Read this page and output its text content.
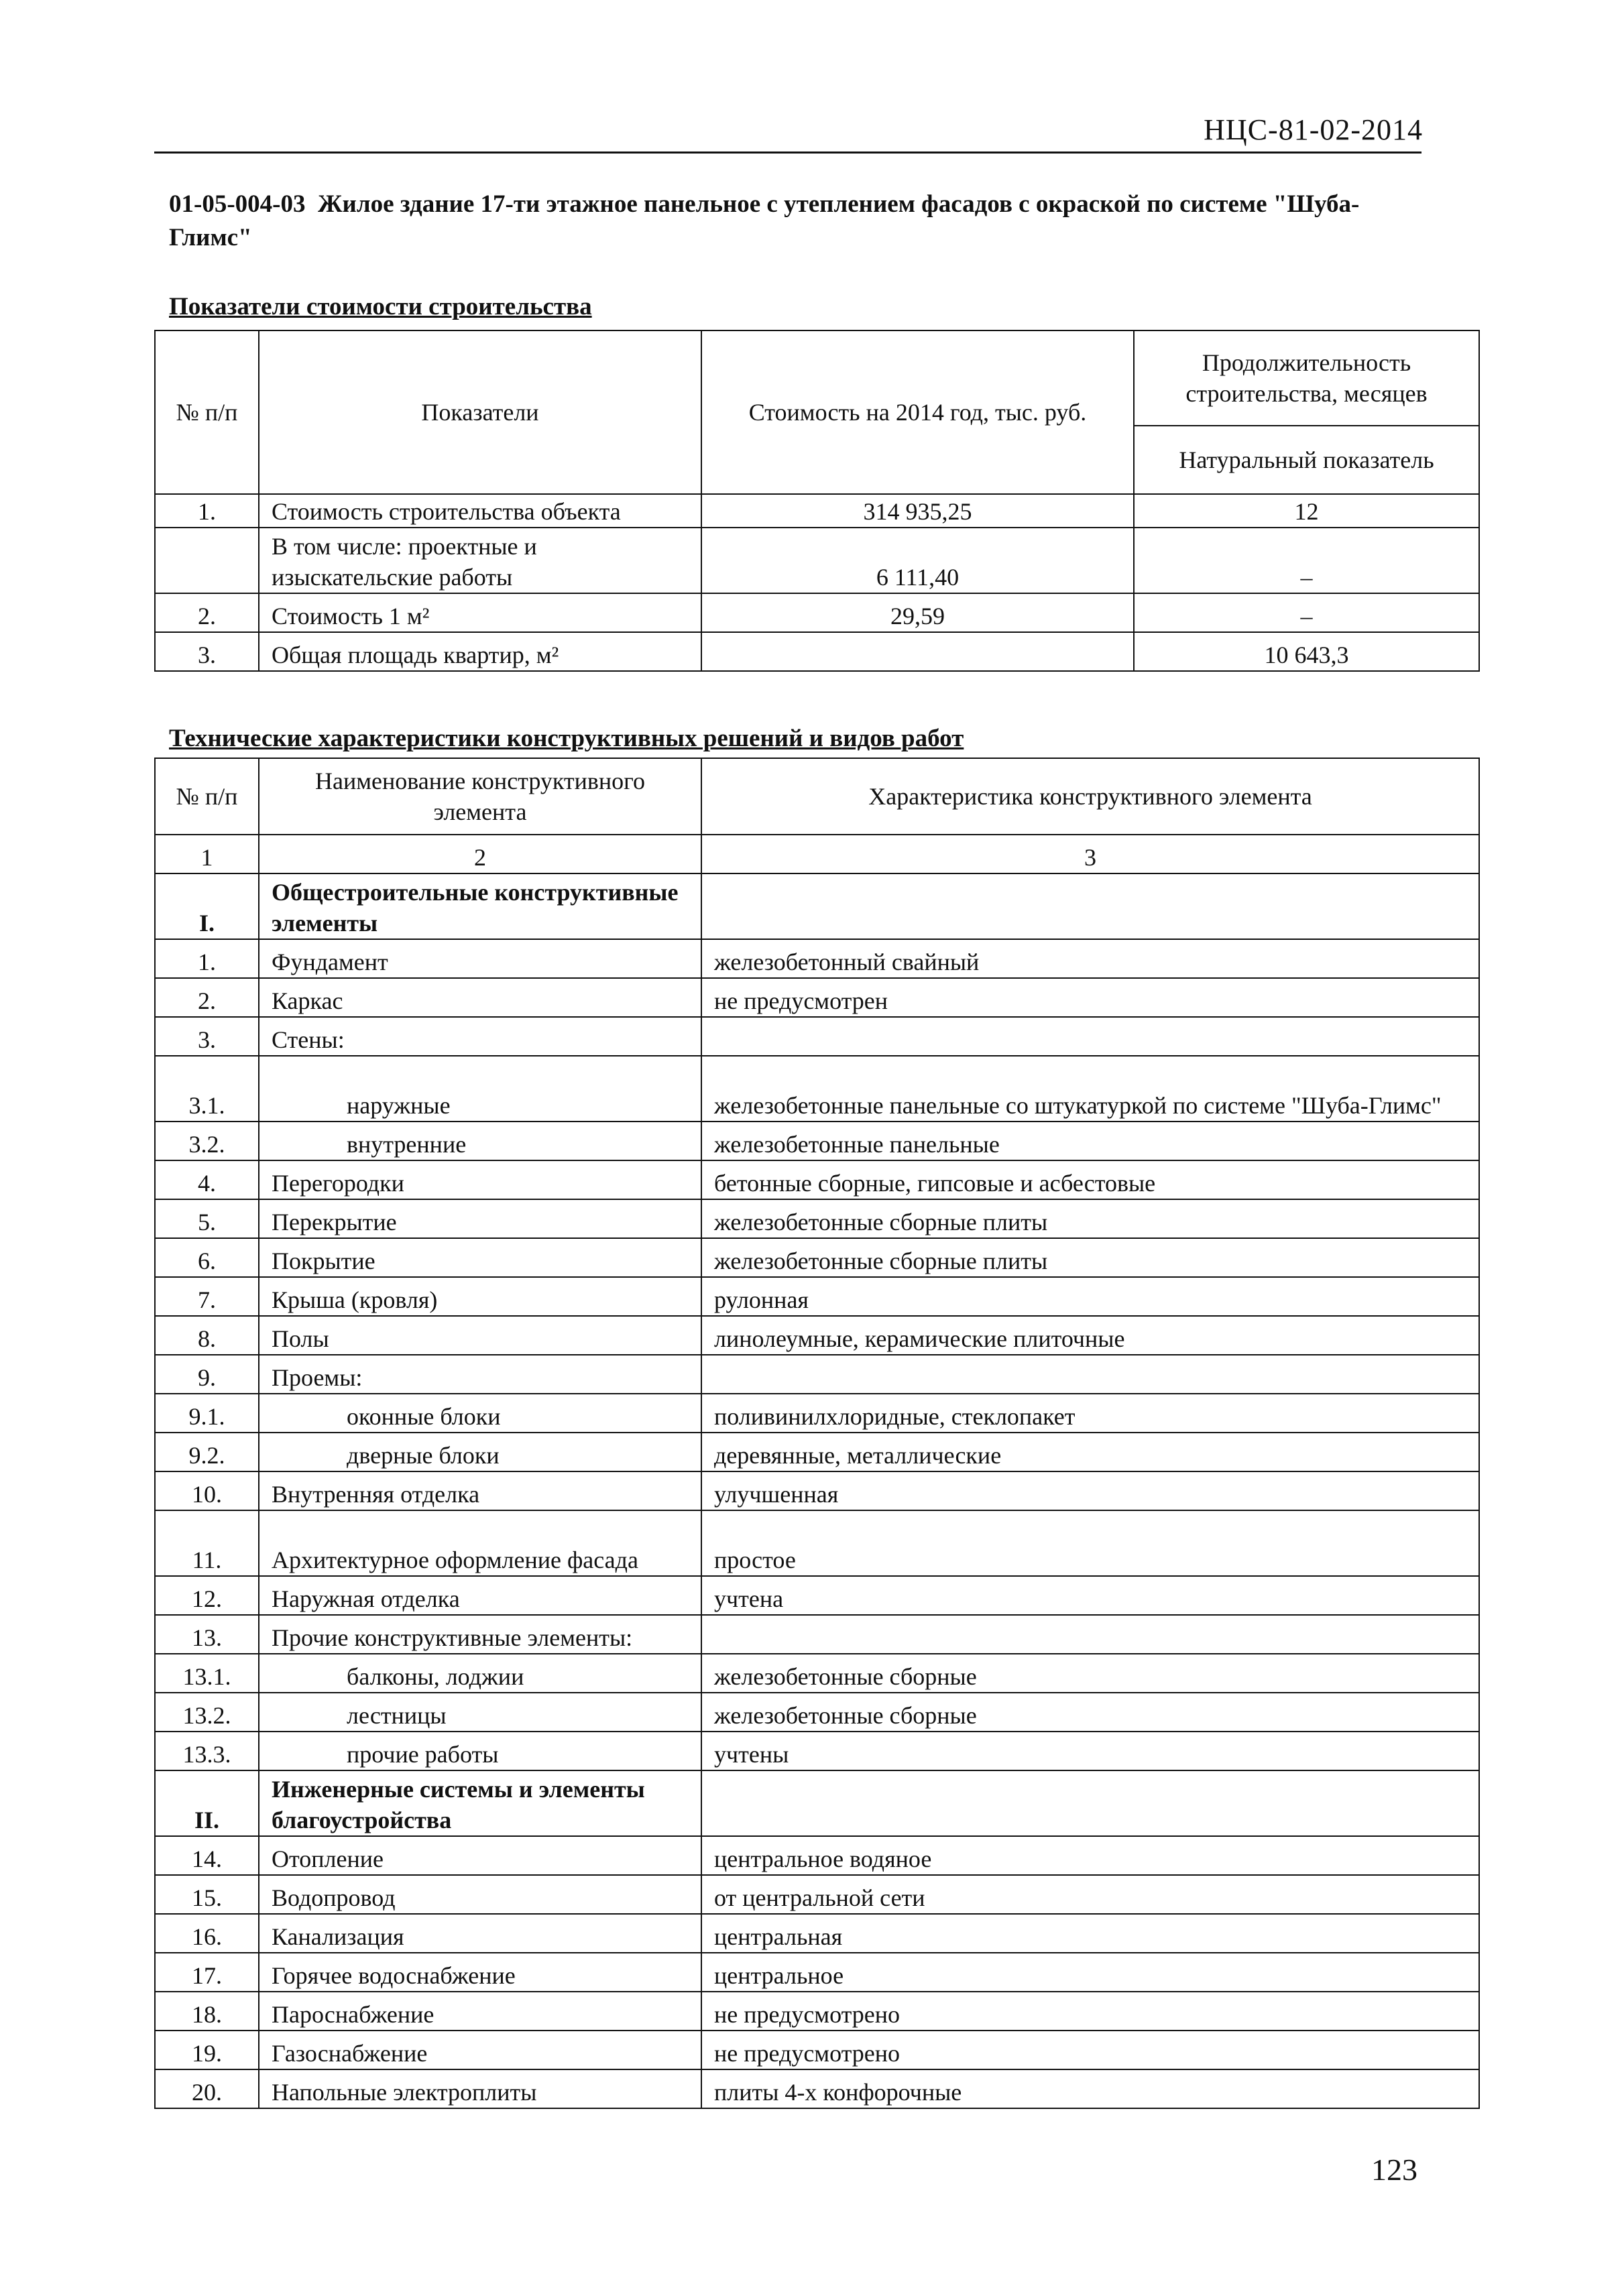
НЦС-81-02-2014
01-05-004-03 Жилое здание 17-ти этажное панельное с утеплением фасадов с окраской по системе "Шуба-Глимс"
Показатели стоимости строительства
№ п/п	Показатели	Стоимость на 2014 год, тыс. руб.	Продолжительность строительства, месяцев
			Натуральный показатель
1.	Стоимость строительства объекта	314 935,25	12
	В том числе: проектные и изыскательские работы	6 111,40	–
2.	Стоимость 1 м²	29,59	–
3.	Общая площадь квартир, м²		10 643,3
Технические характеристики конструктивных решений и видов работ
№ п/п	Наименование конструктивного элемента	Характеристика конструктивного элемента
1	2	3
I.	Общестроительные конструктивные элементы	
1.	Фундамент	железобетонный свайный
2.	Каркас	не предусмотрен
3.	Стены:	
3.1.	наружные	железобетонные панельные со штукатуркой по системе "Шуба-Глимс"
3.2.	внутренние	железобетонные панельные
4.	Перегородки	бетонные сборные, гипсовые и асбестовые
5.	Перекрытие	железобетонные сборные плиты
6.	Покрытие	железобетонные сборные плиты
7.	Крыша (кровля)	рулонная
8.	Полы	линолеумные, керамические плиточные
9.	Проемы:	
9.1.	оконные блоки	поливинилхлоридные, стеклопакет
9.2.	дверные блоки	деревянные, металлические
10.	Внутренняя отделка	улучшенная
11.	Архитектурное оформление фасада	простое
12.	Наружная отделка	учтена
13.	Прочие конструктивные элементы:	
13.1.	балконы, лоджии	железобетонные сборные
13.2.	лестницы	железобетонные сборные
13.3.	прочие работы	учтены
II.	Инженерные системы и элементы благоустройства	
14.	Отопление	центральное водяное
15.	Водопровод	от центральной сети
16.	Канализация	центральная
17.	Горячее водоснабжение	центральное
18.	Пароснабжение	не предусмотрено
19.	Газоснабжение	не предусмотрено
20.	Напольные электроплиты	плиты 4-х конфорочные
123
